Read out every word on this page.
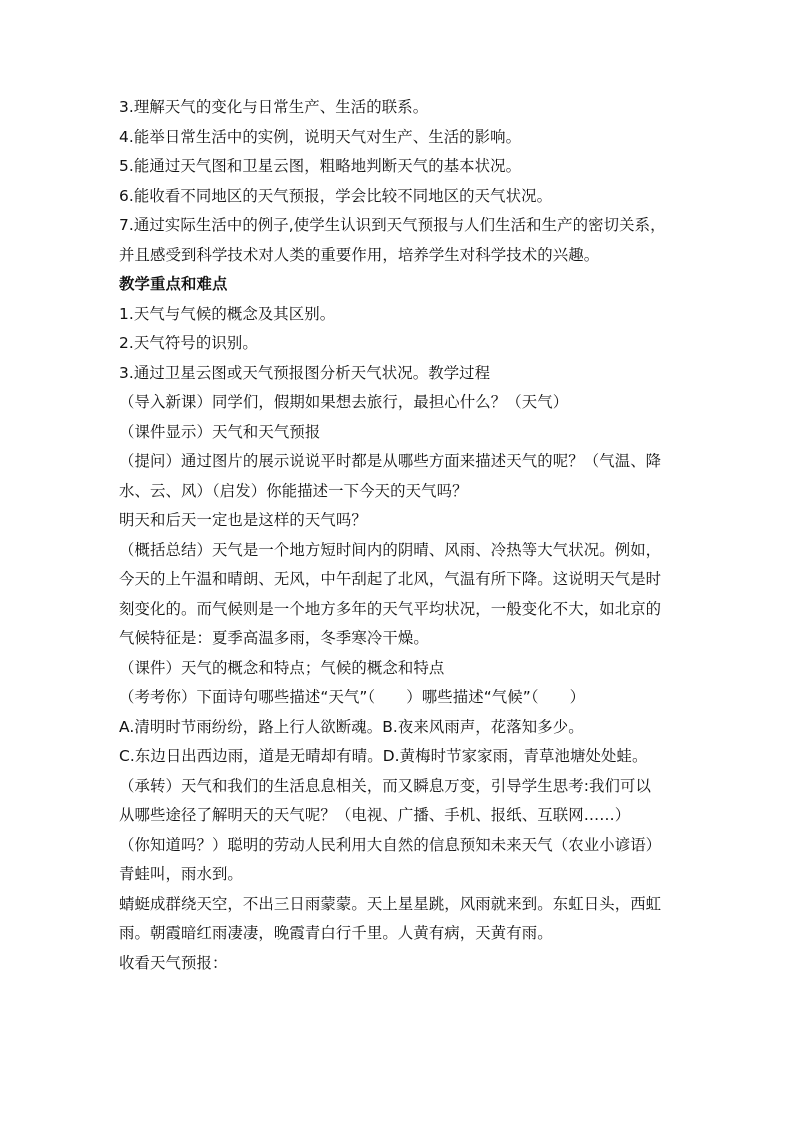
3.理解天气的变化与日常生产、生活的联系。
4.能举日常生活中的实例，说明天气对生产、生活的影响。
5.能通过天气图和卫星云图，粗略地判断天气的基本状况。
6.能收看不同地区的天气预报，学会比较不同地区的天气状况。
7.通过实际生活中的例子,使学生认识到天气预报与人们生活和生产的密切关系，
并且感受到科学技术对人类的重要作用，培养学生对科学技术的兴趣。
教学重点和难点
1.天气与气候的概念及其区别。
2.天气符号的识别。
3.通过卫星云图或天气预报图分析天气状况。教学过程
（导入新课）同学们，假期如果想去旅行，最担心什么？（天气）
（课件显示）天气和天气预报
（提问）通过图片的展示说说平时都是从哪些方面来描述天气的呢？（气温、降
水、云、风）（启发）你能描述一下今天的天气吗？
明天和后天一定也是这样的天气吗？
（概括总结）天气是一个地方短时间内的阴晴、风雨、冷热等大气状况。例如，
今天的上午温和晴朗、无风，中午刮起了北风，气温有所下降。这说明天气是时
刻变化的。而气候则是一个地方多年的天气平均状况，一般变化不大，如北京的
气候特征是：夏季高温多雨，冬季寒冷干燥。
（课件）天气的概念和特点；气候的概念和特点
（考考你）下面诗句哪些描述“天气”（　　）哪些描述“气候”（　　）
A.清明时节雨纷纷，路上行人欲断魂。B.夜来风雨声，花落知多少。
C.东边日出西边雨，道是无晴却有晴。D.黄梅时节家家雨，青草池塘处处蛙。
（承转）天气和我们的生活息息相关，而又瞬息万变，引导学生思考:我们可以
从哪些途径了解明天的天气呢？（电视、广播、手机、报纸、互联网……）
（你知道吗？）聪明的劳动人民利用大自然的信息预知未来天气（农业小谚语）
青蛙叫，雨水到。
蜻蜓成群绕天空，不出三日雨蒙蒙。天上星星跳，风雨就来到。东虹日头，西虹
雨。朝霞暗红雨凄凄，晚霞青白行千里。人黄有病，天黄有雨。
收看天气预报：
